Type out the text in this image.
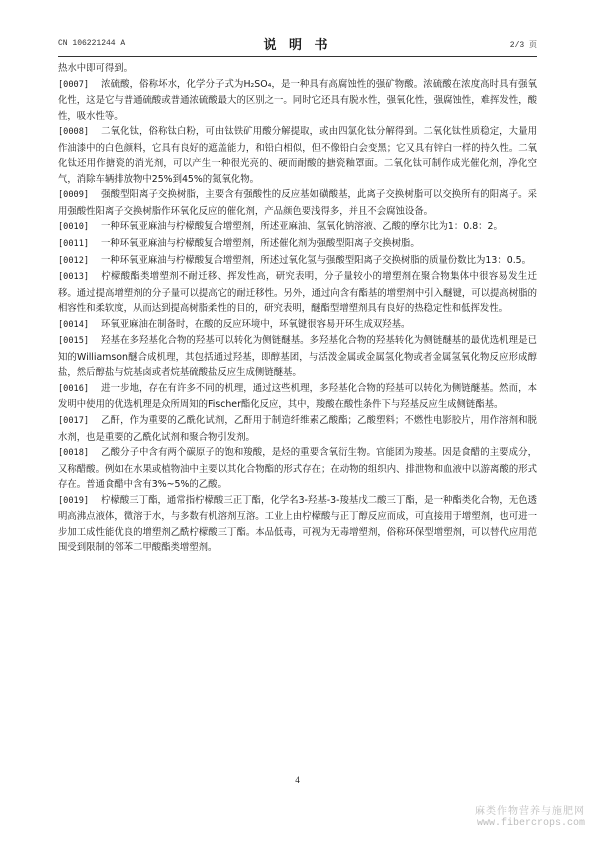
CN 106221244 A	说 明 书	2/3 页

热水中即可得到。

[0007] 浓硫酸，俗称坏水，化学分子式为H₂SO₄，是一种具有高腐蚀性的强矿物酸。浓硫酸在浓度高时具有强氧化性，这是它与普通硫酸或普通浓硫酸最大的区别之一。同时它还具有脱水性，强氧化性，强腐蚀性，难挥发性，酸性，吸水性等。

[0008] 二氧化钛，俗称钛白粉，可由钛铁矿用酸分解提取，或由四氯化钛分解得到。二氧化钛性质稳定，大量用作油漆中的白色颜料，它具有良好的遮盖能力，和铅白相似，但不像铅白会变黑；它又具有锌白一样的持久性。二氧化钛还用作搪瓷的消光剂，可以产生一种很光亮的、硬而耐酸的搪瓷釉罩面。二氧化钛可制作成光催化剂，净化空气，消除车辆排放物中25%到45%的氮氧化物。

[0009] 强酸型阳离子交换树脂，主要含有强酸性的反应基如磺酸基，此离子交换树脂可以交换所有的阳离子。采用强酸性阳离子交换树脂作环氧化反应的催化剂，产品颜色要浅得多，并且不会腐蚀设备。

[0010] 一种环氧亚麻油与柠檬酸复合增塑剂，所述亚麻油、氢氧化钠溶液、乙酸的摩尔比为1：0.8：2。

[0011] 一种环氧亚麻油与柠檬酸复合增塑剂，所述催化剂为强酸型阳离子交换树脂。

[0012] 一种环氧亚麻油与柠檬酸复合增塑剂，所述过氧化氢与强酸型阳离子交换树脂的质量份数比为13：0.5。

[0013] 柠檬酸酯类增塑剂不耐迁移、挥发性高，研究表明，分子量较小的增塑剂在聚合物集体中很容易发生迁移。通过提高增塑剂的分子量可以提高它的耐迁移性。另外，通过向含有酯基的增塑剂中引入醚键，可以提高树脂的相容性和柔软度，从而达到提高树脂柔性的目的，研究表明，醚酯型增塑剂具有良好的热稳定性和低挥发性。

[0014] 环氧亚麻油在制备时，在酸的反应环境中，环氧键很容易开环生成双羟基。

[0015] 羟基在多羟基化合物的羟基可以转化为侧链醚基。多羟基化合物的羟基转化为侧链醚基的最优选机理是已知的Williamson醚合成机理，其包括通过羟基，即醇基团，与活泼金属或金属氢化物或者金属氢氧化物反应形成醇盐，然后醇盐与烷基卤或者烷基硫酸盐反应生成侧链醚基。

[0016] 进一步地，存在有许多不同的机理，通过这些机理，多羟基化合物的羟基可以转化为侧链醚基。然而，本发明中使用的优选机理是众所周知的Fischer酯化反应，其中，羧酸在酸性条件下与羟基反应生成侧链酯基。

[0017] 乙酐，作为重要的乙酰化试剂，乙酐用于制造纤维素乙酸酯；乙酸塑料；不燃性电影胶片，用作溶剂和脱水剂，也是重要的乙酰化试剂和聚合物引发剂。

[0018] 乙酸分子中含有两个碳原子的饱和羧酸，是烃的重要含氧衍生物。官能团为羧基。因是食醋的主要成分，又称醋酸。例如在水果或植物油中主要以其化合物酯的形式存在；在动物的组织内、排泄物和血液中以游离酸的形式存在。普通食醋中含有3%~5%的乙酸。

[0019] 柠檬酸三丁酯，通常指柠檬酸三正丁酯，化学名3-羟基-3-羧基戊二酸三丁酯，是一种酯类化合物，无色透明高沸点液体，微溶于水，与多数有机溶剂互溶。工业上由柠檬酸与正丁醇反应而成，可直接用于增塑剂，也可进一步加工成性能优良的增塑剂乙酰柠檬酸三丁酯。本品低毒，可视为无毒增塑剂，俗称环保型增塑剂，可以替代应用范围受到限制的邻苯二甲酸酯类增塑剂。

4
麻类作物营养与施肥网
www.fibercrops.com
